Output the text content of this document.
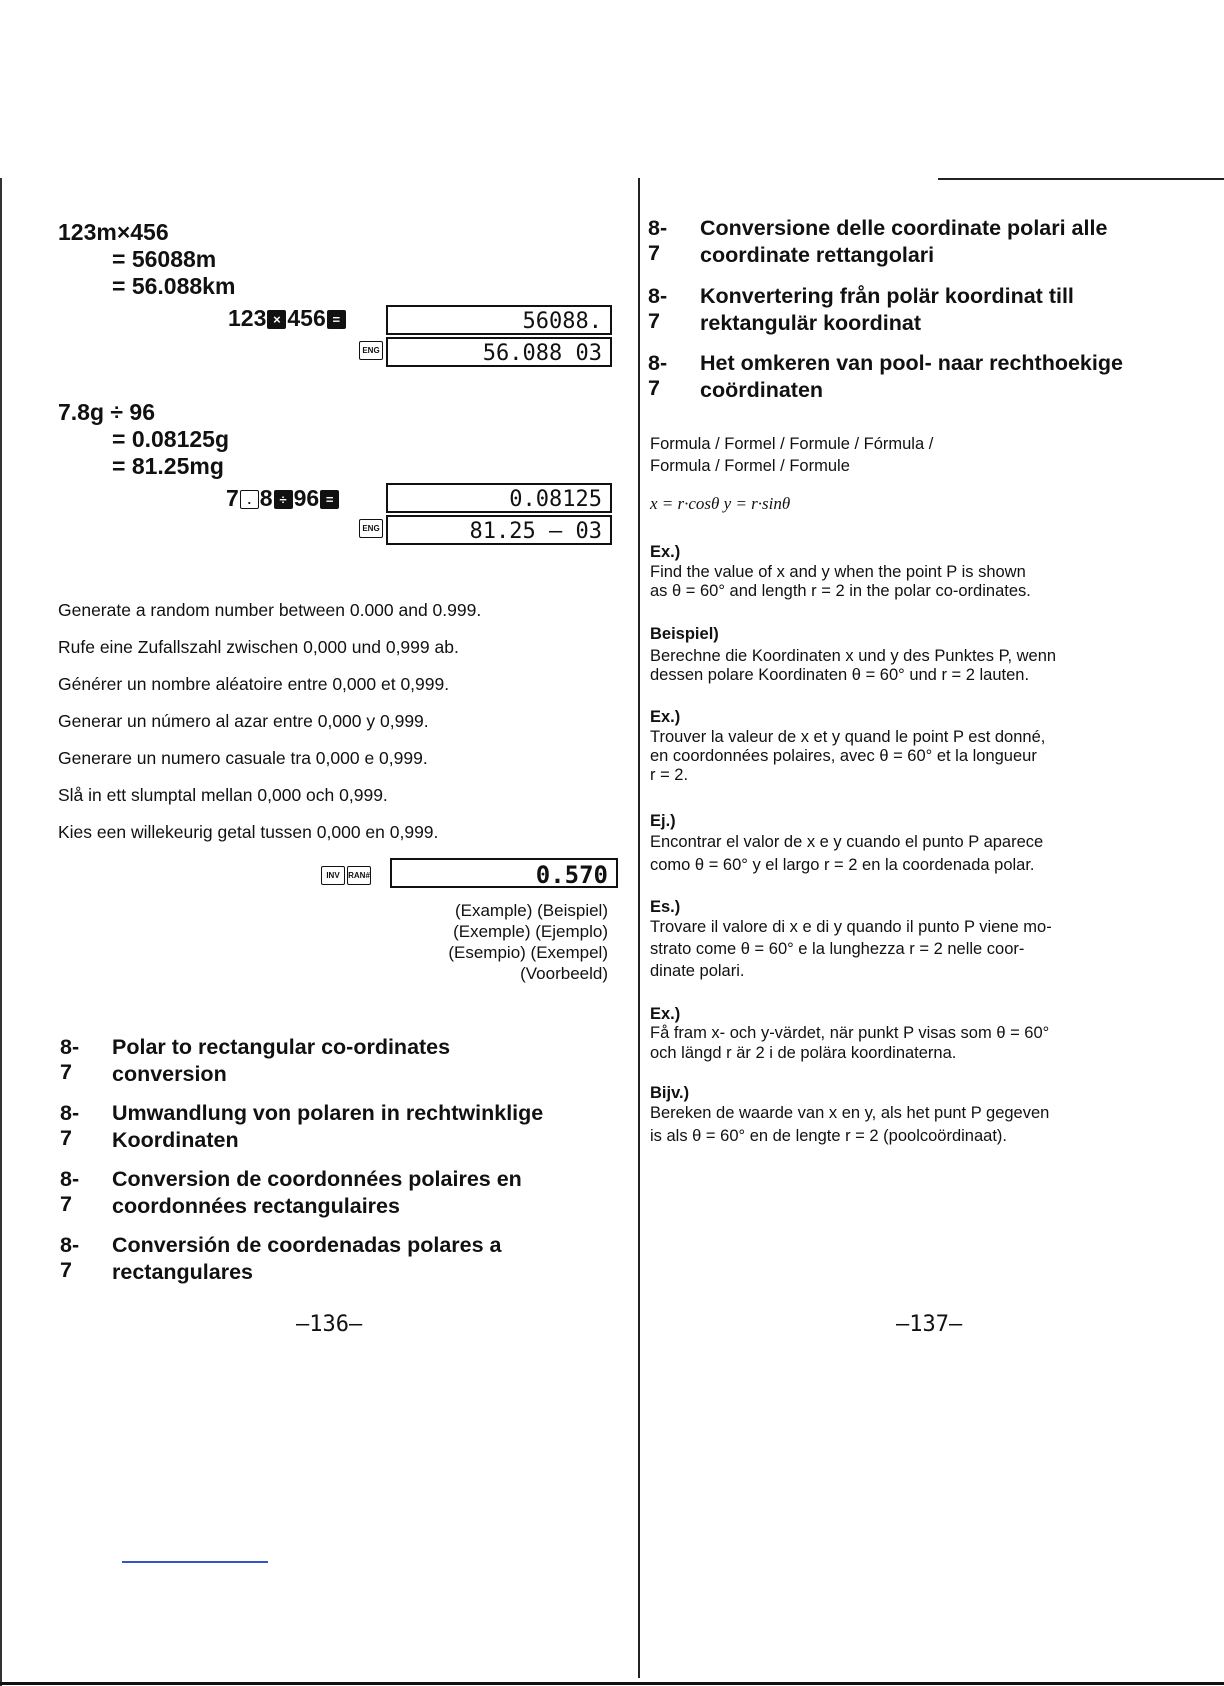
123m×456
= 56088m
= 56.088km
123 × 456 =	56088.
ENG	56.088 03
7.8g ÷ 96
= 0.08125g
= 81.25mg
7 . 8 ÷ 96 =	0.08125
ENG	81.25 – 03
Generate a random number between 0.000 and 0.999.
Rufe eine Zufallszahl zwischen 0,000 und 0,999 ab.
Générer un nombre aléatoire entre 0,000 et 0,999.
Generar un número al azar entre 0,000 y 0,999.
Generare un numero casuale tra 0,000 e 0,999.
Slå in ett slumptal mellan 0,000 och 0,999.
Kies een willekeurig getal tussen 0,000 en 0,999.
INV RAN#	0.570
(Example) (Beispiel)
(Exemple) (Ejemplo)
(Esempio) (Exempel)
(Voorbeeld)
8-7
Polar to rectangular co-ordinates
conversion
8-7
Umwandlung von polaren in rechtwinklige
Koordinaten
8-7
Conversion de coordonnées polaires en
coordonnées rectangulaires
8-7
Conversión de coordenadas polares a
rectangulares
–136–
8-7
Conversione delle coordinate polari alle
coordinate rettangolari
8-7
Konvertering från polär koordinat till
rektangulär koordinat
8-7
Het omkeren van pool- naar rechthoekige
coördinaten
Formula / Formel / Formule / Fórmula /
Formula / Formel / Formule
x = r·cosθ y = r·sinθ
Ex.)
Find the value of x and y when the point P is shown
as θ = 60° and length r = 2 in the polar co-ordinates.
Beispiel)
Berechne die Koordinaten x und y des Punktes P, wenn
dessen polare Koordinaten θ = 60° und r = 2 lauten.
Ex.)
Trouver la valeur de x et y quand le point P est donné,
en coordonnées polaires, avec θ = 60° et la longueur
r = 2.
Ej.)
Encontrar el valor de x e y cuando el punto P aparece
como θ = 60° y el largo r = 2 en la coordenada polar.
Es.)
Trovare il valore di x e di y quando il punto P viene mo-
strato come θ = 60° e la lunghezza r = 2 nelle coor-
dinate polari.
Ex.)
Få fram x- och y-värdet, när punkt P visas som θ = 60°
och längd r är 2 i de polära koordinaterna.
Bijv.)
Bereken de waarde van x en y, als het punt P gegeven
is als θ = 60° en de lengte r = 2 (poolcoördinaat).
–137–
